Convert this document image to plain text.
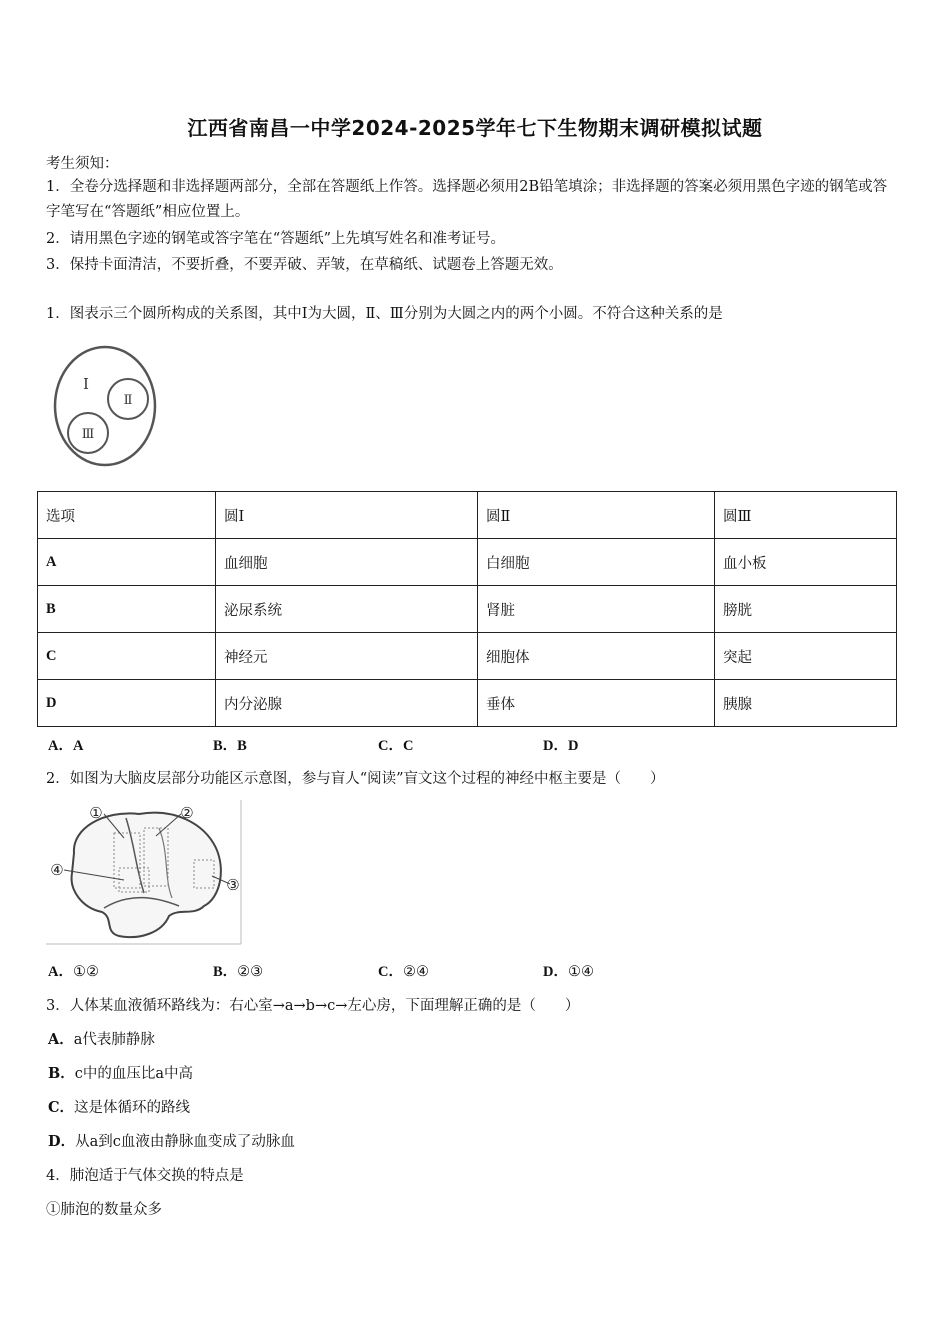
江西省南昌一中学2024-2025学年七下生物期末调研模拟试题
考生须知：
1．全卷分选择题和非选择题两部分，全部在答题纸上作答。选择题必须用2B铅笔填涂；非选择题的答案必须用黑色字迹的钢笔或答字笔写在“答题纸”相应位置上。
2．请用黑色字迹的钢笔或答字笔在“答题纸”上先填写姓名和准考证号。
3．保持卡面清洁，不要折叠，不要弄破、弄皱，在草稿纸、试题卷上答题无效。
1．图表示三个圆所构成的关系图，其中Ⅰ为大圆，Ⅱ、Ⅲ分别为大圆之内的两个小圆。不符合这种关系的是
Ⅰ
Ⅱ
Ⅲ
选项	圆Ⅰ	圆Ⅱ	圆Ⅲ
A	血细胞	白细胞	血小板
B	泌尿系统	肾脏	膀胱
C	神经元	细胞体	突起
D	内分泌腺	垂体	胰腺
A．A	B．B	C．C	D．D
2．如图为大脑皮层部分功能区示意图，参与盲人“阅读”盲文这个过程的神经中枢主要是（　　）
①	②
③
④
A．①②	B．②③	C．②④	D．①④
3．人体某血液循环路线为：右心室→a→b→c→左心房，下面理解正确的是（　　）
A．a代表肺静脉
B．c中的血压比a中高
C．这是体循环的路线
D．从a到c血液由静脉血变成了动脉血
4．肺泡适于气体交换的特点是
①肺泡的数量众多
